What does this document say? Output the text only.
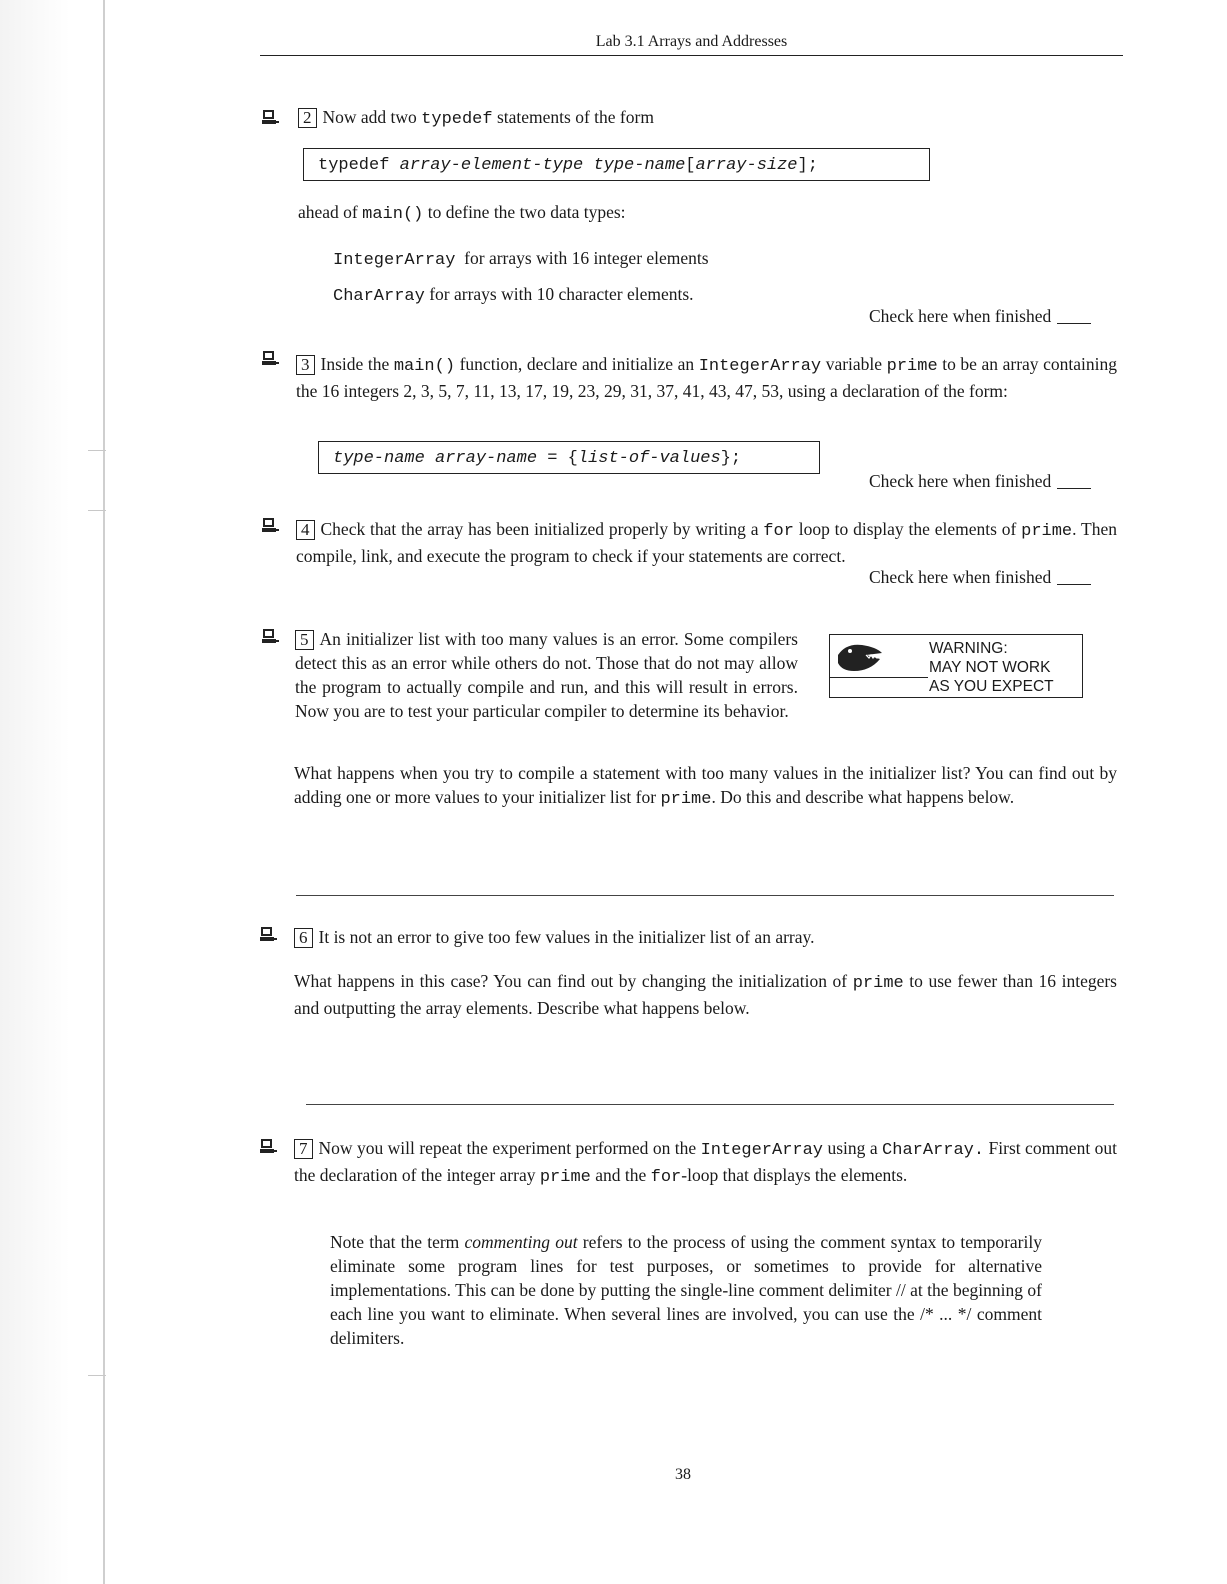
Lab 3.1 Arrays and Addresses
2 Now add two typedef statements of the form
typedef array-element-type type-name[array-size];
ahead of main() to define the two data types:
IntegerArray for arrays with 16 integer elements
CharArray for arrays with 10 character elements.
Check here when finished
3 Inside the main() function, declare and initialize an IntegerArray variable prime to be an array containing the 16 integers 2, 3, 5, 7, 11, 13, 17, 19, 23, 29, 31, 37, 41, 43, 47, 53, using a declaration of the form:
type-name array-name = {list-of-values};
Check here when finished
4 Check that the array has been initialized properly by writing a for loop to display the elements of prime. Then compile, link, and execute the program to check if your statements are correct.
Check here when finished
5 An initializer list with too many values is an error. Some compilers detect this as an error while others do not. Those that do not may allow the program to actually compile and run, and this will result in errors. Now you are to test your particular compiler to determine its behavior.
WARNING:
MAY NOT WORK
AS YOU EXPECT
What happens when you try to compile a statement with too many values in the initializer list? You can find out by adding one or more values to your initializer list for prime. Do this and describe what happens below.
6 It is not an error to give too few values in the initializer list of an array.
What happens in this case? You can find out by changing the initialization of prime to use fewer than 16 integers and outputting the array elements. Describe what happens below.
7 Now you will repeat the experiment performed on the IntegerArray using a CharArray. First comment out the declaration of the integer array prime and the for-loop that displays the elements.
Note that the term commenting out refers to the process of using the comment syntax to temporarily eliminate some program lines for test purposes, or sometimes to provide for alternative implementations. This can be done by putting the single-line comment delimiter // at the beginning of each line you want to eliminate. When several lines are involved, you can use the /* ... */ comment delimiters.
38
